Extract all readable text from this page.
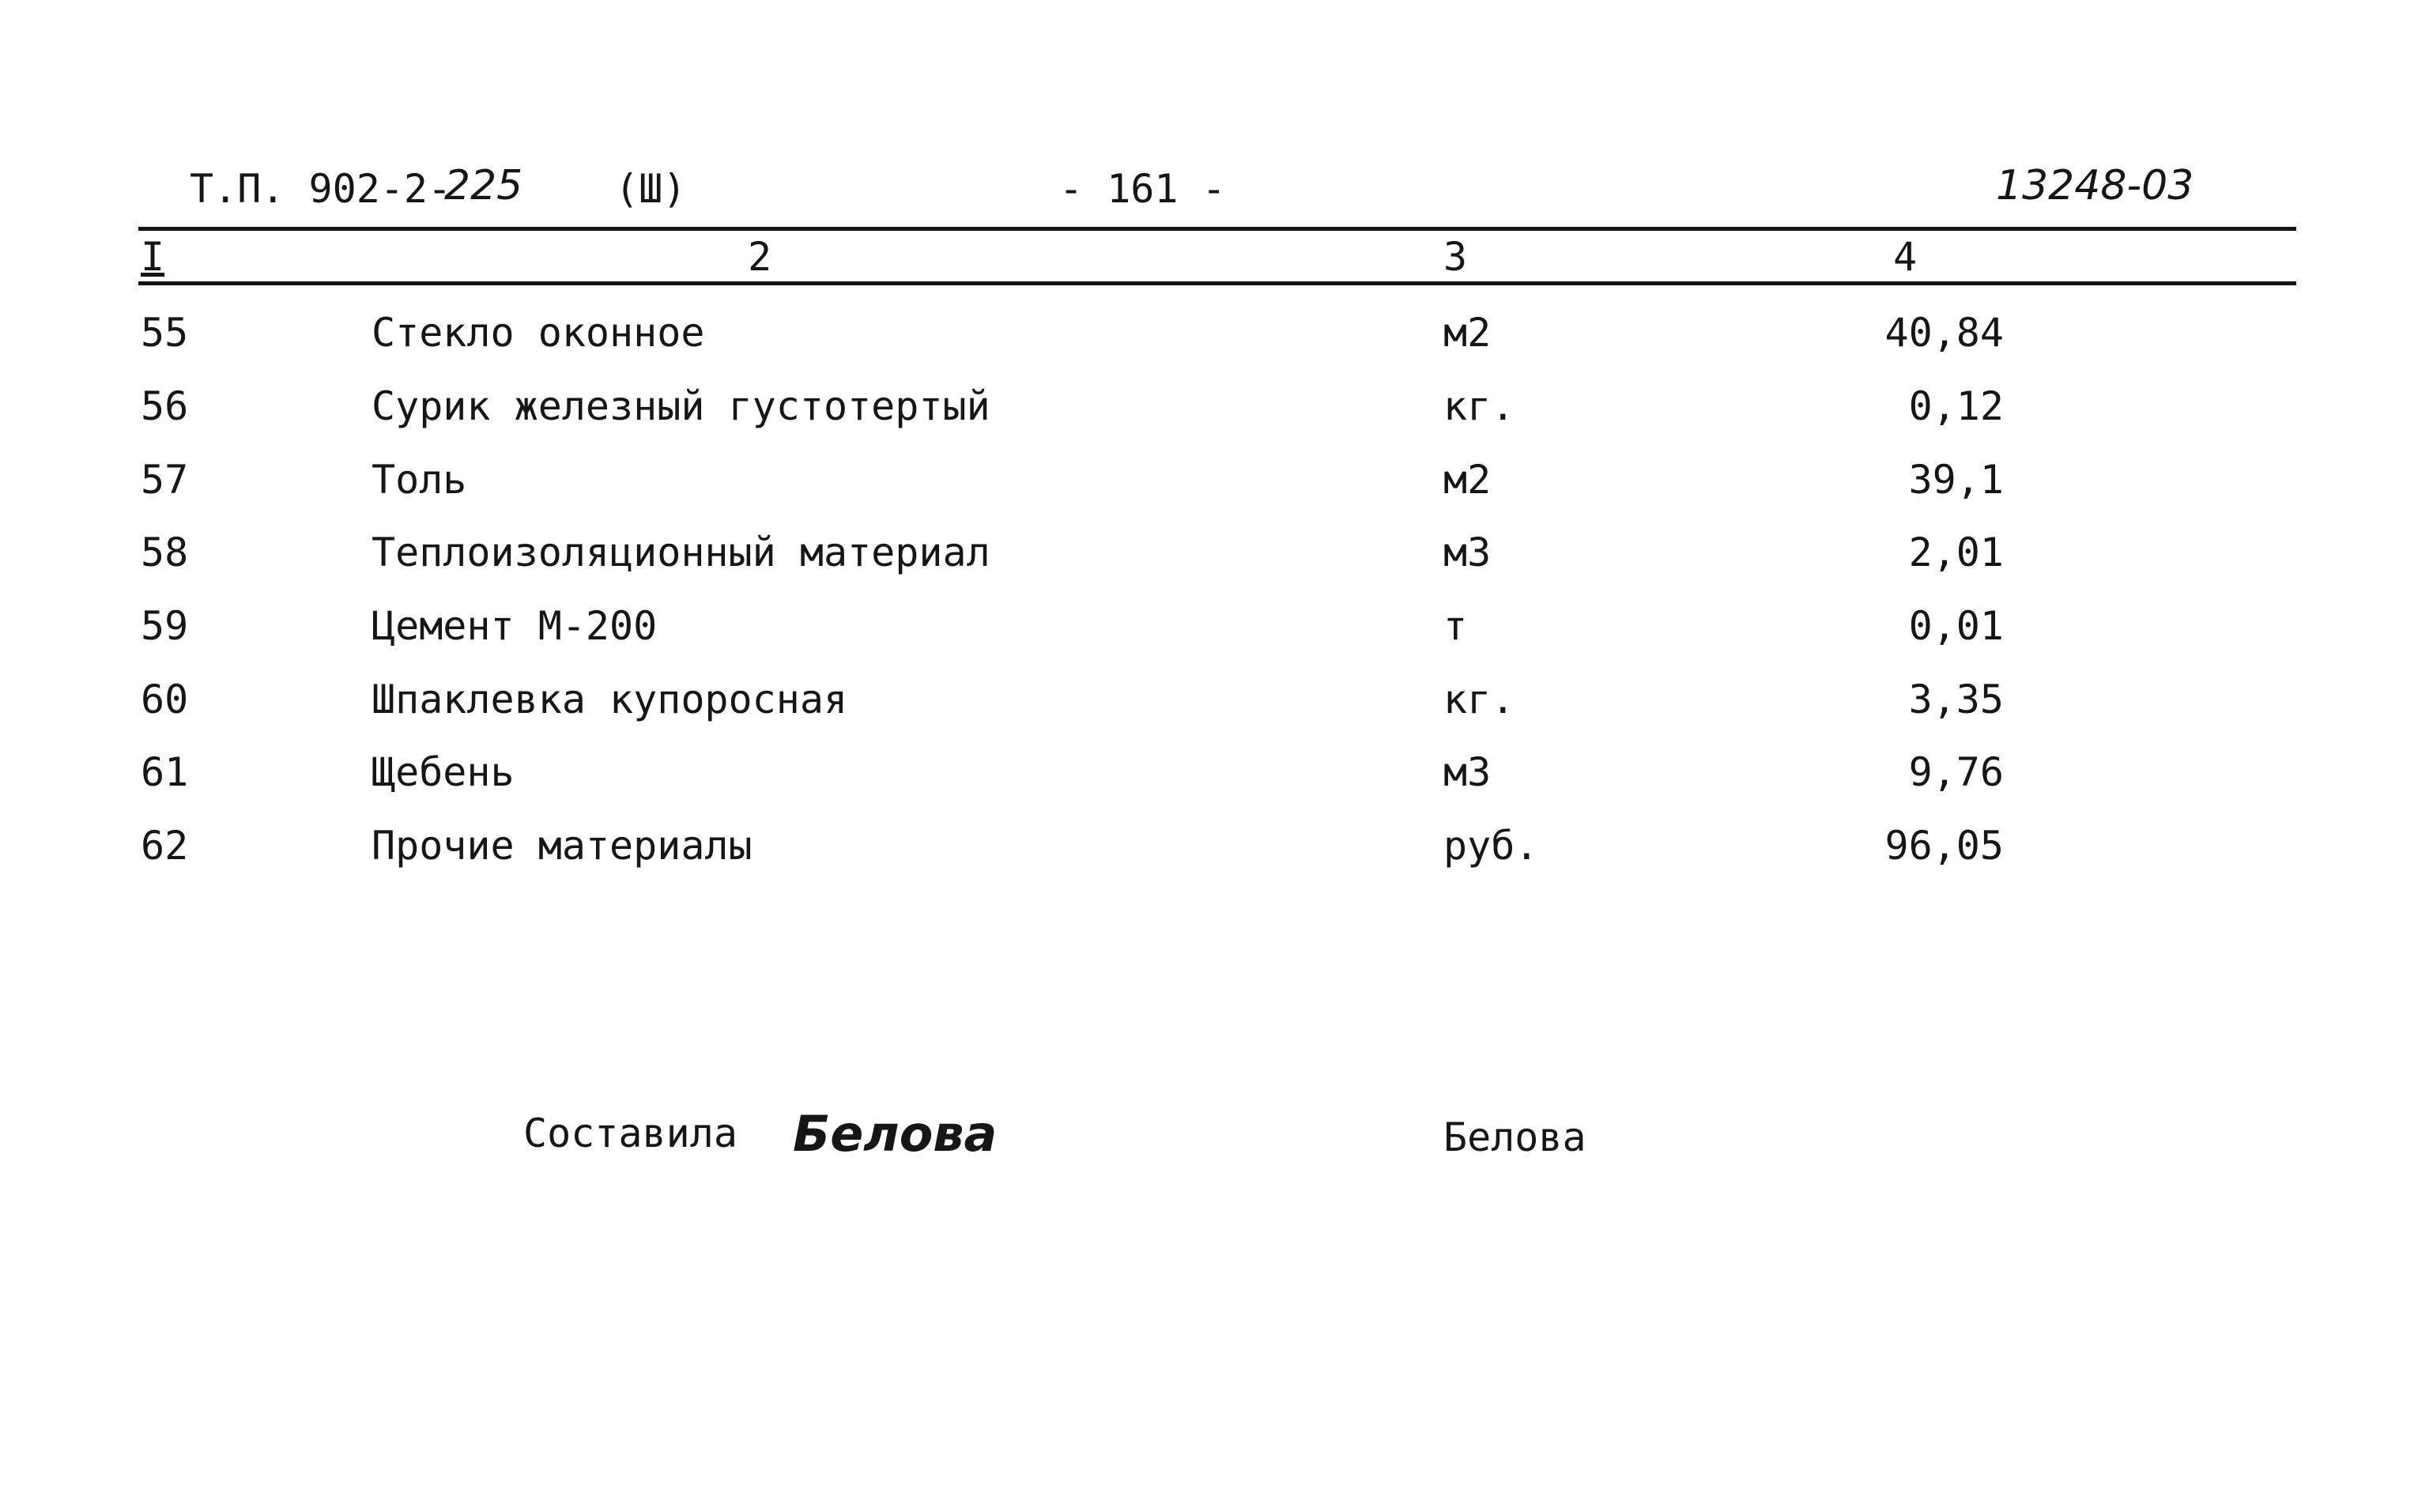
Т.П. 902-2-
225 (Ш)	- 161 -	13248-03
I	2	3	4
55	Стекло оконное	м2	40,84
56	Сурик железный густотертый	кг.	0,12
57	Толь	м2	39,1
58	Теплоизоляционный материал	м3	2,01
59	Цемент М-200	т	0,01
60	Шпаклевка купоросная	кг.	3,35
61	Щебень	м3	9,76
62	Прочие материалы	руб.	96,05
Составила Белова	Белова
